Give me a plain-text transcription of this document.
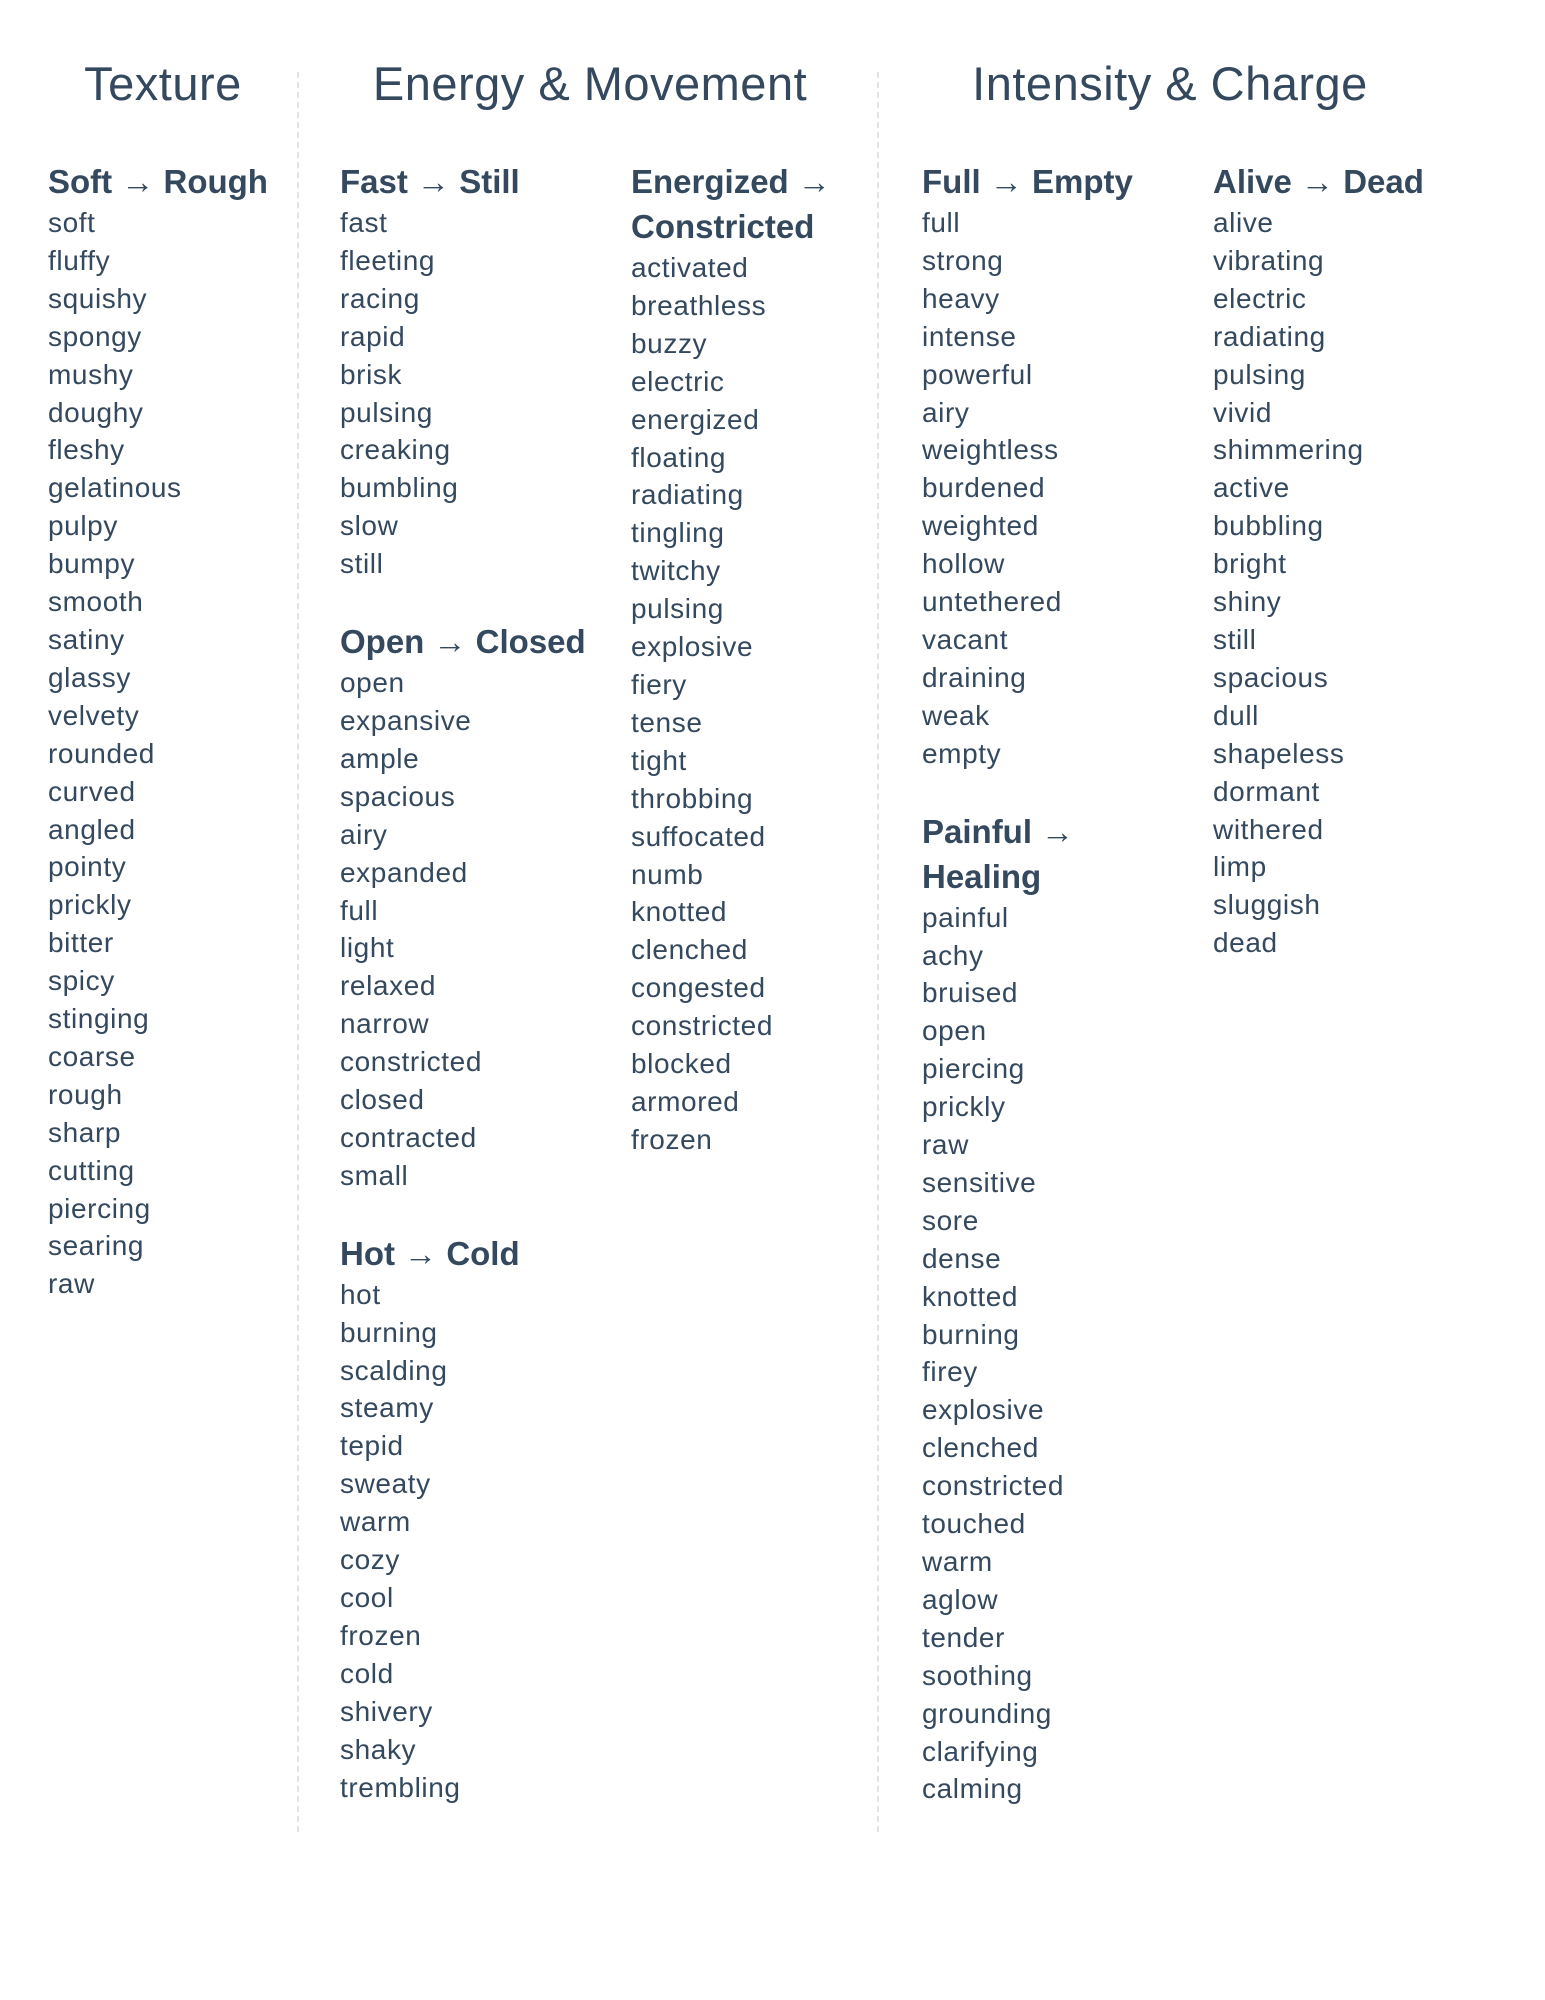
Texture	Energy & Movement	Intensity & Charge
Soft → Rough
soft
fluffy
squishy
spongy
mushy
doughy
fleshy
gelatinous
pulpy
bumpy
smooth
satiny
glassy
velvety
rounded
curved
angled
pointy
prickly
bitter
spicy
stinging
coarse
rough
sharp
cutting
piercing
searing
raw
Fast → Still
fast
fleeting
racing
rapid
brisk
pulsing
creaking
bumbling
slow
still
Open → Closed
open
expansive
ample
spacious
airy
expanded
full
light
relaxed
narrow
constricted
closed
contracted
small
Hot → Cold
hot
burning
scalding
steamy
tepid
sweaty
warm
cozy
cool
frozen
cold
shivery
shaky
trembling
Energized → Constricted
activated
breathless
buzzy
electric
energized
floating
radiating
tingling
twitchy
pulsing
explosive
fiery
tense
tight
throbbing
suffocated
numb
knotted
clenched
congested
constricted
blocked
armored
frozen
Full → Empty
full
strong
heavy
intense
powerful
airy
weightless
burdened
weighted
hollow
untethered
vacant
draining
weak
empty
Painful → Healing
painful
achy
bruised
open
piercing
prickly
raw
sensitive
sore
dense
knotted
burning
firey
explosive
clenched
constricted
touched
warm
aglow
tender
soothing
grounding
clarifying
calming
Alive → Dead
alive
vibrating
electric
radiating
pulsing
vivid
shimmering
active
bubbling
bright
shiny
still
spacious
dull
shapeless
dormant
withered
limp
sluggish
dead
